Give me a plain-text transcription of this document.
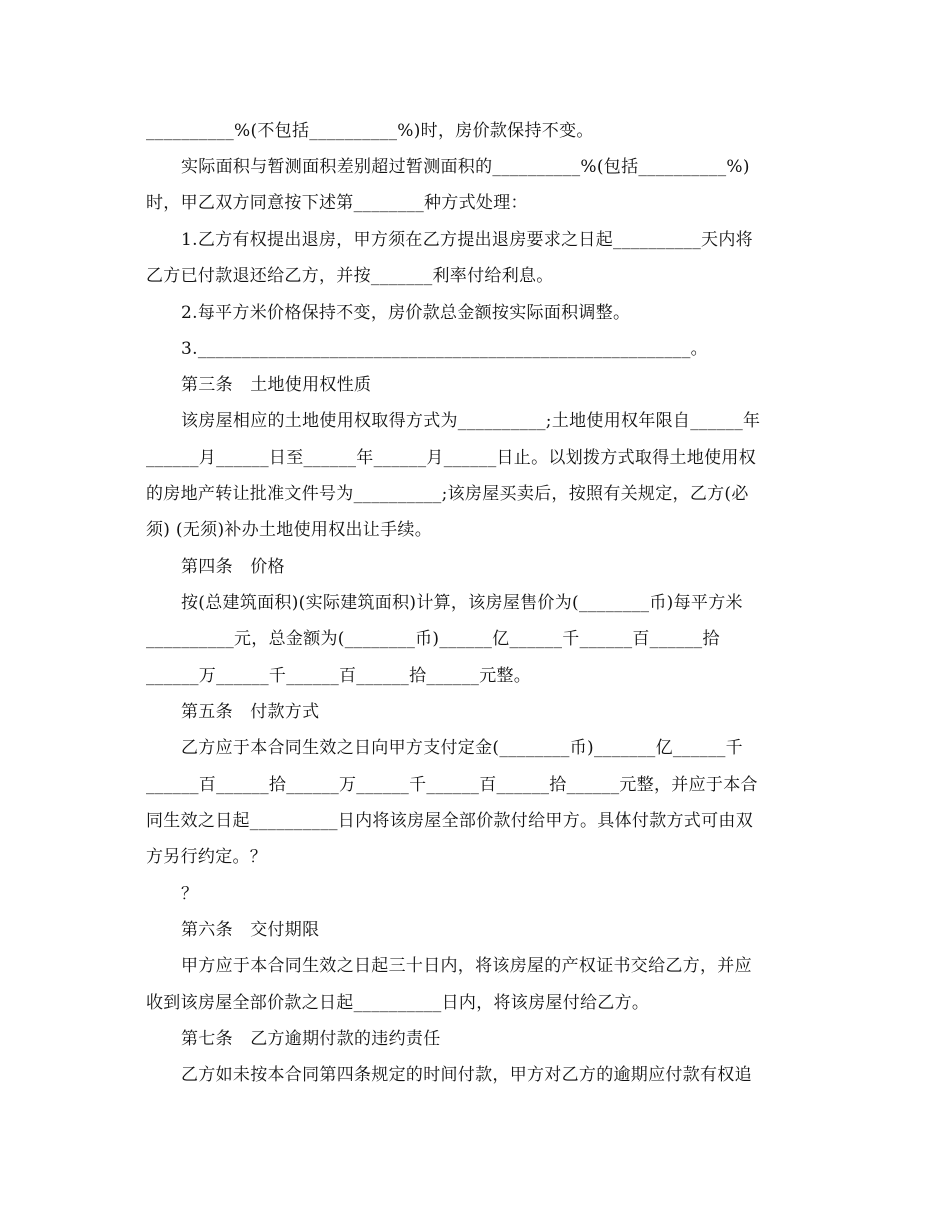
__________%(不包括__________%)时，房价款保持不变。
实际面积与暂测面积差别超过暂测面积的__________%(包括__________%)
时，甲乙双方同意按下述第________种方式处理：
1.乙方有权提出退房，甲方须在乙方提出退房要求之日起__________天内将
乙方已付款退还给乙方，并按_______利率付给利息。
2.每平方米价格保持不变，房价款总金额按实际面积调整。
3.________________________________________________________。
第三条　土地使用权性质
该房屋相应的土地使用权取得方式为__________;土地使用权年限自______年
______月______日至______年______月______日止。以划拨方式取得土地使用权
的房地产转让批准文件号为__________;该房屋买卖后，按照有关规定，乙方(必
须) (无须)补办土地使用权出让手续。
第四条　价格
按(总建筑面积)(实际建筑面积)计算，该房屋售价为(________币)每平方米
__________元，总金额为(________币)______亿______千______百______拾
______万______千______百______拾______元整。
第五条　付款方式
乙方应于本合同生效之日向甲方支付定金(________币)_______亿______千
______百______拾______万______千______百______拾______元整，并应于本合
同生效之日起__________日内将该房屋全部价款付给甲方。具体付款方式可由双
方另行约定。？
？
第六条　交付期限
甲方应于本合同生效之日起三十日内，将该房屋的产权证书交给乙方，并应
收到该房屋全部价款之日起__________日内，将该房屋付给乙方。
第七条　乙方逾期付款的违约责任
乙方如未按本合同第四条规定的时间付款，甲方对乙方的逾期应付款有权追
